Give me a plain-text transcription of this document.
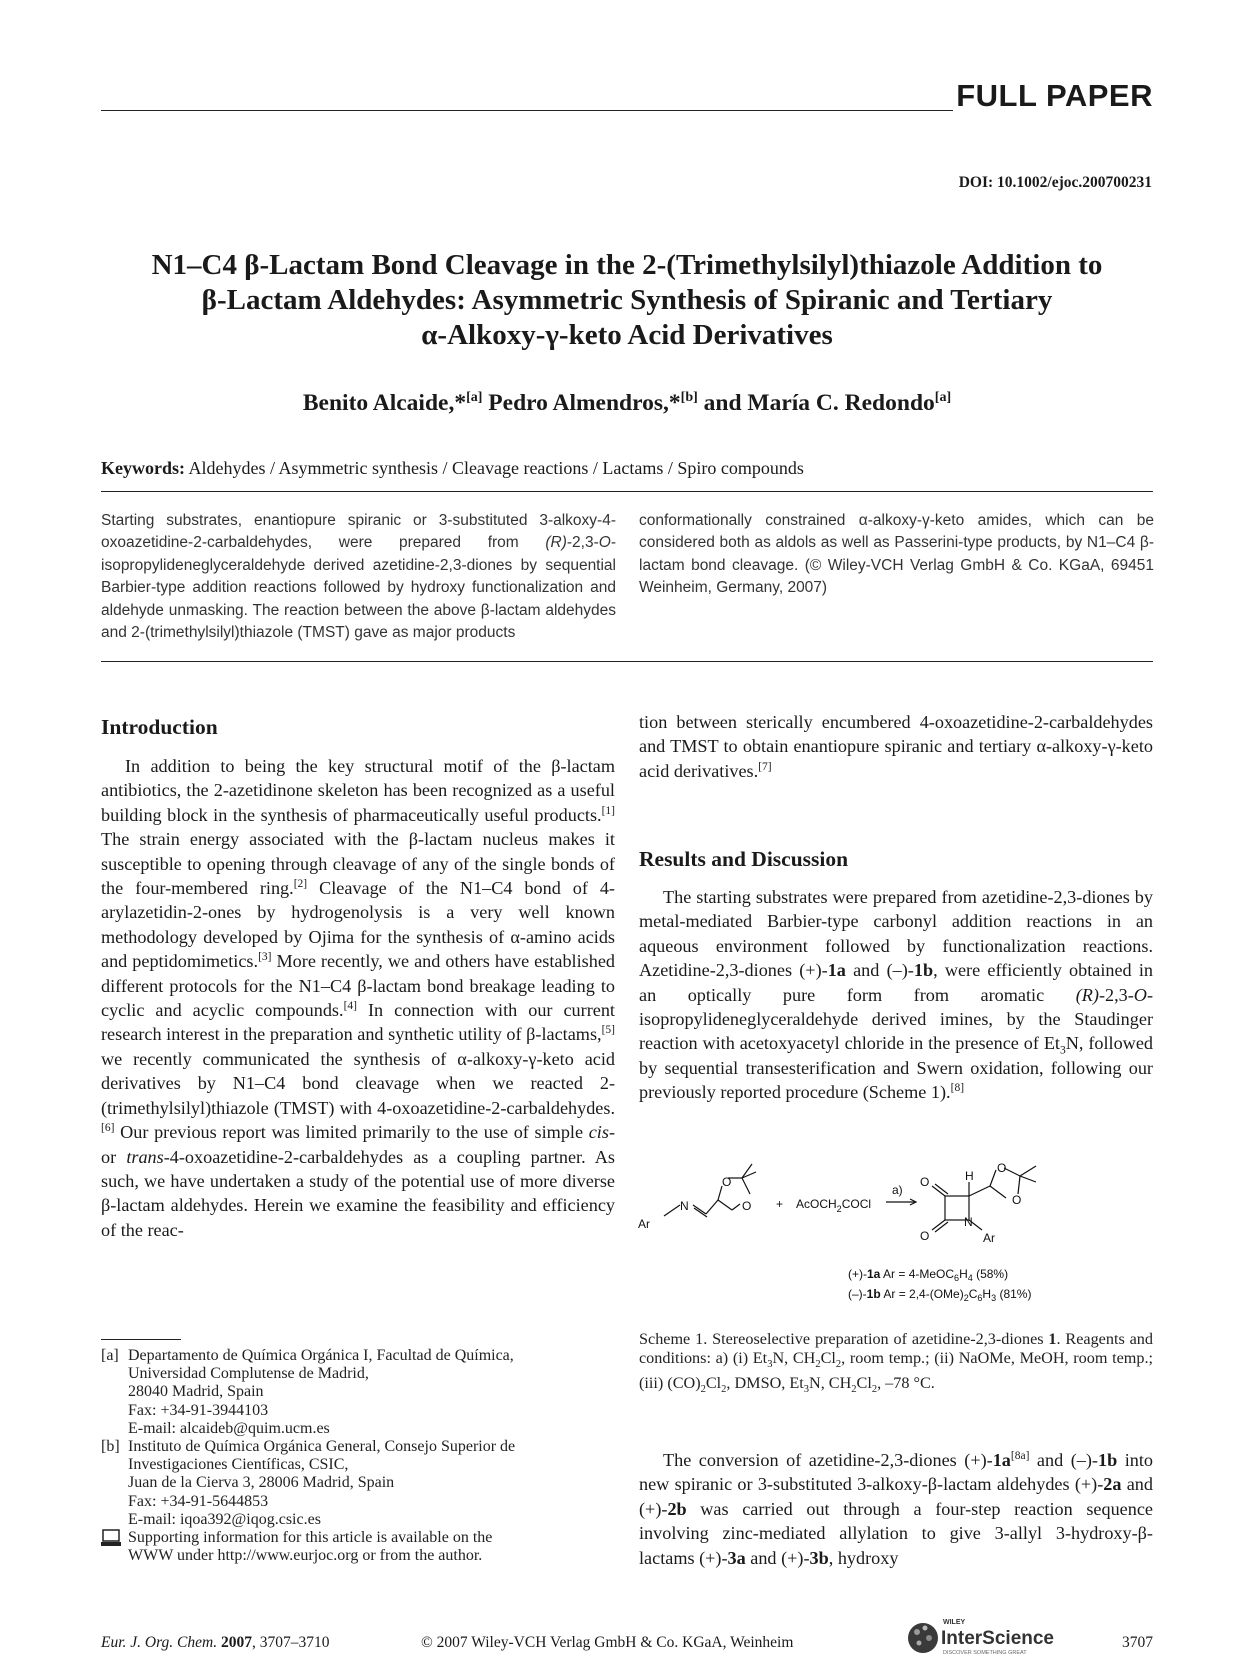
FULL PAPER
DOI: 10.1002/ejoc.200700231
N1–C4 β-Lactam Bond Cleavage in the 2-(Trimethylsilyl)thiazole Addition to
β-Lactam Aldehydes: Asymmetric Synthesis of Spiranic and Tertiary
α-Alkoxy-γ-keto Acid Derivatives
Benito Alcaide,*[a] Pedro Almendros,*[b] and María C. Redondo[a]
Keywords: Aldehydes / Asymmetric synthesis / Cleavage reactions / Lactams / Spiro compounds
Starting substrates, enantiopure spiranic or 3-substituted 3-alkoxy-4-oxoazetidine-2-carbaldehydes, were prepared from (R)-2,3-O-isopropylideneglyceraldehyde derived azetidine-2,3-diones by sequential Barbier-type addition reactions followed by hydroxy functionalization and aldehyde unmasking. The reaction between the above β-lactam aldehydes and 2-(trimethylsilyl)thiazole (TMST) gave as major products
conformationally constrained α-alkoxy-γ-keto amides, which can be considered both as aldols as well as Passerini-type products, by N1–C4 β-lactam bond cleavage. (© Wiley-VCH Verlag GmbH & Co. KGaA, 69451 Weinheim, Germany, 2007)
Introduction

In addition to being the key structural motif of the β-lactam antibiotics, the 2-azetidinone skeleton has been recognized as a useful building block in the synthesis of pharmaceutically useful products.[1] The strain energy associated with the β-lactam nucleus makes it susceptible to opening through cleavage of any of the single bonds of the four-membered ring.[2] Cleavage of the N1–C4 bond of 4-arylazetidin-2-ones by hydrogenolysis is a very well known methodology developed by Ojima for the synthesis of α-amino acids and peptidomimetics.[3] More recently, we and others have established different protocols for the N1–C4 β-lactam bond breakage leading to cyclic and acyclic compounds.[4] In connection with our current research interest in the preparation and synthetic utility of β-lactams,[5] we recently communicated the synthesis of α-alkoxy-γ-keto acid derivatives by N1–C4 bond cleavage when we reacted 2-(trimethylsilyl)thiazole (TMST) with 4-oxoazetidine-2-carbaldehydes.[6] Our previous report was limited primarily to the use of simple cis- or trans-4-oxoazetidine-2-carbaldehydes as a coupling partner. As such, we have undertaken a study of the potential use of more diverse β-lactam aldehydes. Herein we examine the feasibility and efficiency of the reac-

tion between sterically encumbered 4-oxoazetidine-2-carbaldehydes and TMST to obtain enantiopure spiranic and tertiary α-alkoxy-γ-keto acid derivatives.[7]

Results and Discussion

The starting substrates were prepared from azetidine-2,3-diones by metal-mediated Barbier-type carbonyl addition reactions in an aqueous environment followed by functionalization reactions. Azetidine-2,3-diones (+)-1a and (–)-1b, were efficiently obtained in an optically pure form from aromatic (R)-2,3-O-isopropylideneglyceraldehyde derived imines, by the Staudinger reaction with acetoxyacetyl chloride in the presence of $Et_3N$, followed by sequential transesterification and Swern oxidation, following our previously reported procedure (Scheme 1).[8]

Ar
N
O
O + AcOCH$_2$COCl
a)
O
O
H
O
O
N
Ar
(+)-1a $Ar = 4-MeOC_6H_4$ (58%)
(–)-1b $Ar = 2,4-(OMe)_2C_6H_3$ (81%)
Scheme 1. Stereoselective preparation of azetidine-2,3-diones 1. Reagents and conditions: a) (i) $Et_3N$, $CH_2Cl_2$, room temp.; (ii) NaOMe, MeOH, room temp.; (iii) $(CO)_2Cl_2$, DMSO, $Et_3N$, $CH_2Cl_2$, –78 °C.

The conversion of azetidine-2,3-diones (+)-1a[8a] and (–)-1b into new spiranic or 3-substituted 3-alkoxy-β-lactam aldehydes (+)-2a and (+)-2b was carried out through a four-step reaction sequence involving zinc-mediated allylation to give 3-allyl 3-hydroxy-β-lactams (+)-3a and (+)-3b, hydroxy

[a] Departamento de Química Orgánica I, Facultad de Química,
Universidad Complutense de Madrid,
28040 Madrid, Spain
Fax: +34-91-3944103
E-mail: alcaideb@quim.ucm.es
[b] Instituto de Química Orgánica General, Consejo Superior de
Investigaciones Científicas, CSIC,
Juan de la Cierva 3, 28006 Madrid, Spain
Fax: +34-91-5644853
E-mail: iqoa392@iqog.csic.es
Supporting information for this article is available on the
WWW under http://www.eurjoc.org or from the author.
Eur. J. Org. Chem. 2007, 3707–3710	© 2007 Wiley-VCH Verlag GmbH & Co. KGaA, Weinheim
WILEY
InterScience
DISCOVER SOMETHING GREAT
3707
